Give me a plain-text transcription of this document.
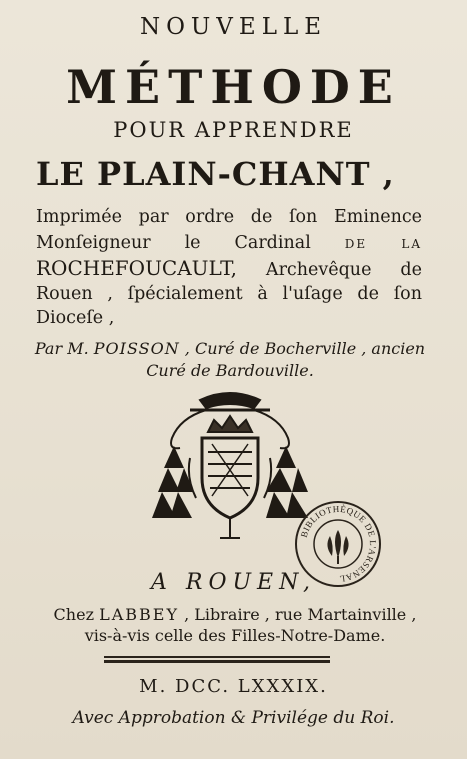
NOUVELLE
MÉTHODE
POUR APPRENDRE
LE PLAIN-CHANT ,
Imprimée par ordre de ſon Eminence Monſeigneur le Cardinal DE LA ROCHEFOUCAULT, Archevêque de Rouen , ſpécialement à l'uſage de ſon Dioceſe ,
Par M. POISSON , Curé de Bocherville , ancien
Curé de Bardouville.
BIBLIOTHÈQUE DE L'ARSENAL
A ROUEN,
Chez LABBEY , Libraire , rue Martainville ,
vis-à-vis celle des Filles-Notre-Dame.
M. DCC. LXXXIX.
Avec Approbation & Privilége du Roi.
